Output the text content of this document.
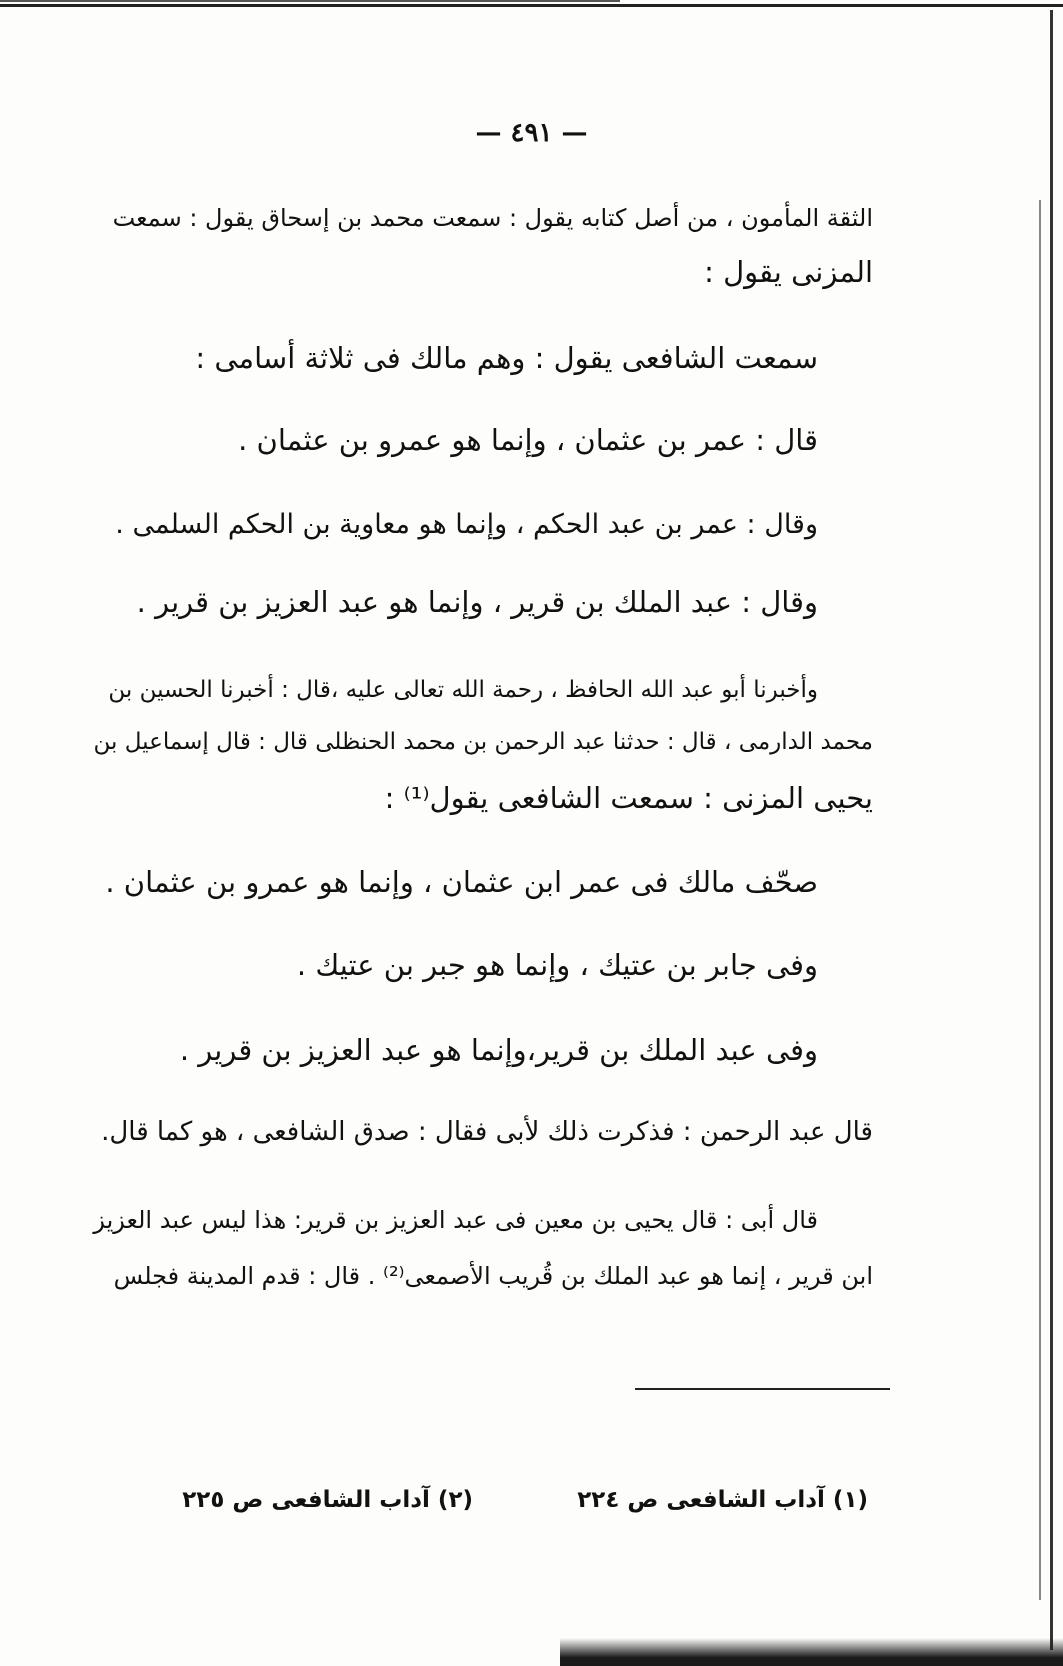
— ٤٩١ —
الثقة المأمون ، من أصل كتابه يقول : سمعت محمد بن إسحاق يقول : سمعت
المزنى يقول :
سمعت الشافعى يقول : وهم مالك فى ثلاثة أسامى :
قال : عمر بن عثمان ، وإنما هو عمرو بن عثمان .
وقال : عمر بن عبد الحكم ، وإنما هو معاوية بن الحكم السلمى .
وقال : عبد الملك بن قرير ، وإنما هو عبد العزيز بن قرير .
وأخبرنا أبو عبد الله الحافظ ، رحمة الله تعالى عليه ،قال : أخبرنا الحسين بن
محمد الدارمى ، قال : حدثنا عبد الرحمن بن محمد الحنظلى قال : قال إسماعيل بن
يحيى المزنى : سمعت الشافعى يقول⁽¹⁾ :
صحّف مالك فى عمر ابن عثمان ، وإنما هو عمرو بن عثمان .
وفى جابر بن عتيك ، وإنما هو جبر بن عتيك .
وفى عبد الملك بن قرير،وإنما هو عبد العزيز بن قرير .
قال عبد الرحمن : فذكرت ذلك لأبى فقال : صدق الشافعى ، هو كما قال.
قال أبى : قال يحيى بن معين فى عبد العزيز بن قرير: هذا ليس عبد العزيز
ابن قرير ، إنما هو عبد الملك بن قُريب الأصمعى⁽²⁾ . قال : قدم المدينة فجلس
(١) آداب الشافعى ص ٢٢٤
(٢) آداب الشافعى ص ٢٢٥
